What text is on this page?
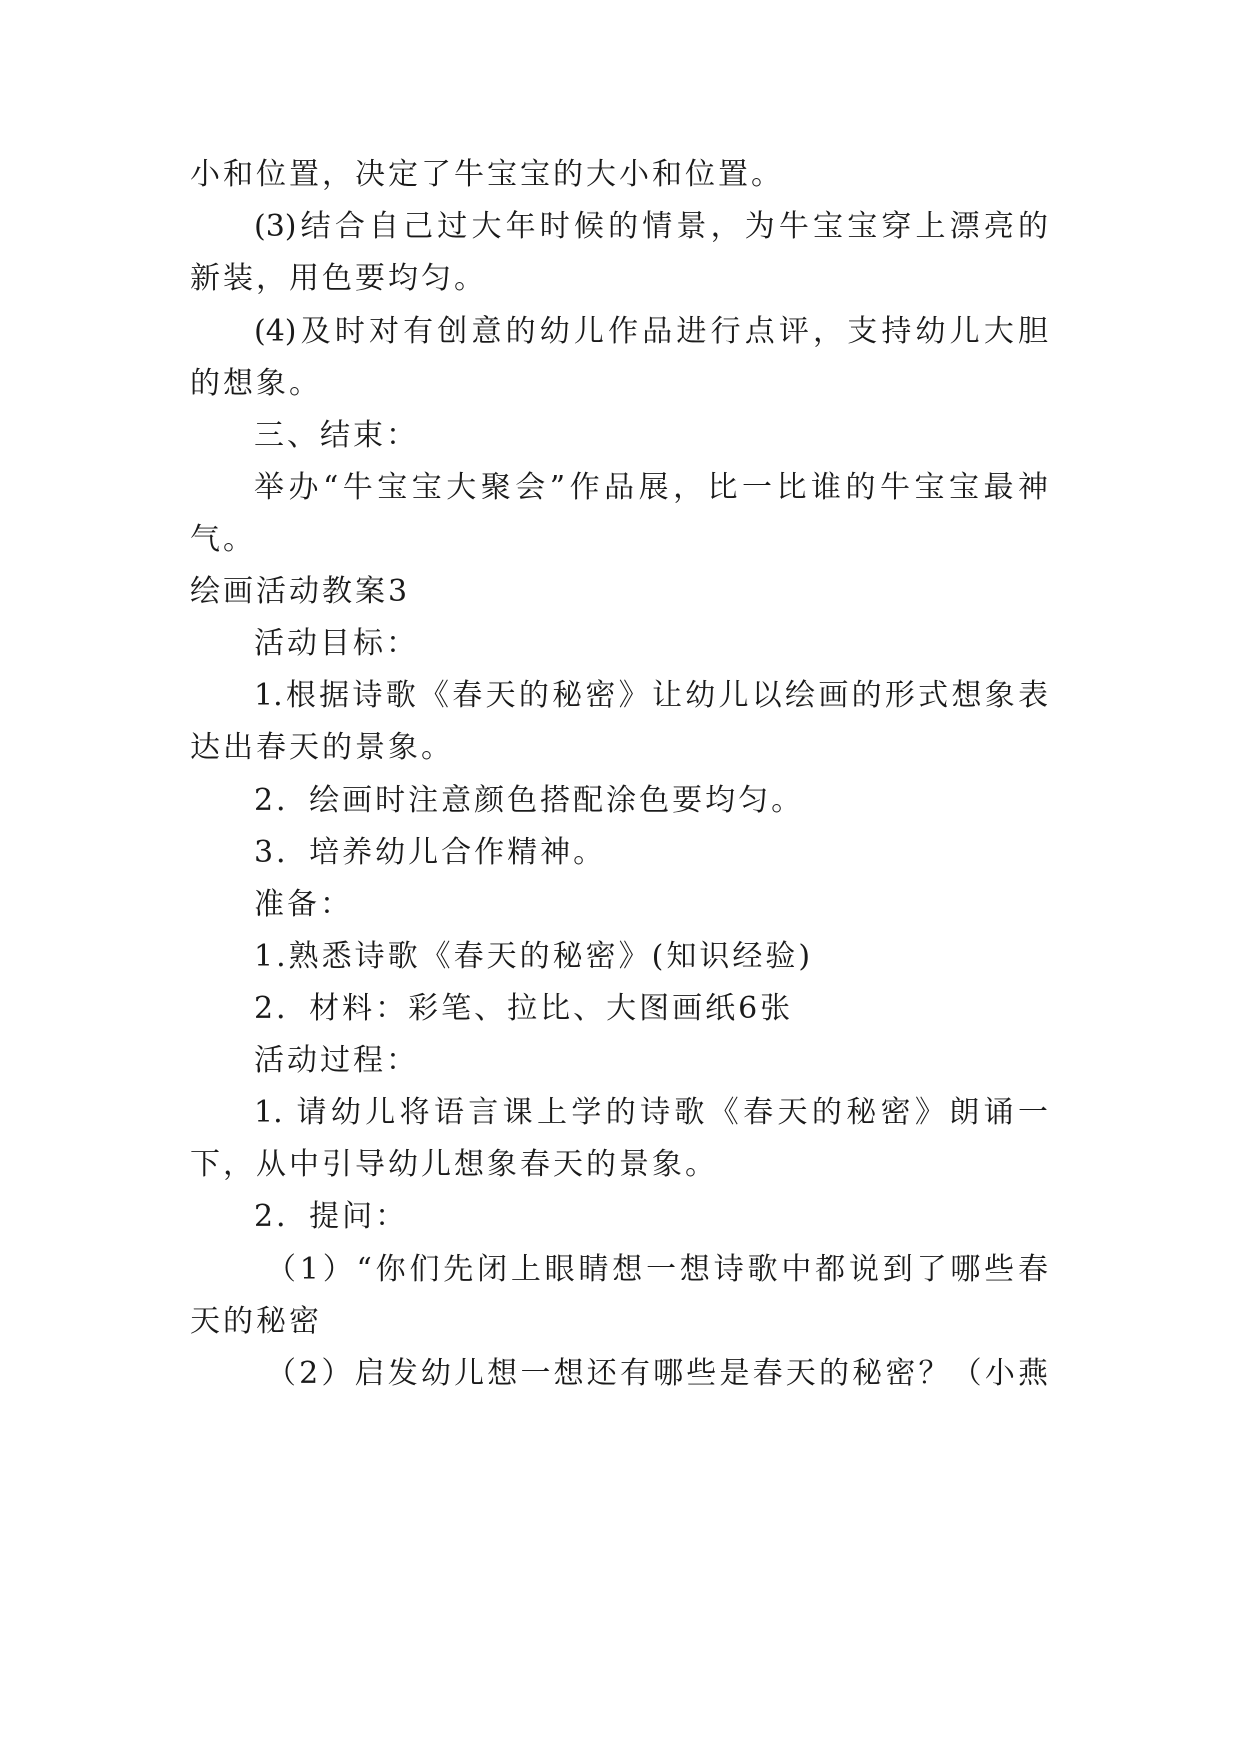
小和位置，决定了牛宝宝的大小和位置。
(3)结合自己过大年时候的情景，为牛宝宝穿上漂亮的
新装，用色要均匀。
(4)及时对有创意的幼儿作品进行点评，支持幼儿大胆
的想象。
三、结束：
举办“牛宝宝大聚会”作品展，比一比谁的牛宝宝最神
气。
绘画活动教案3
活动目标：
1.根据诗歌《春天的秘密》让幼儿以绘画的形式想象表
达出春天的景象。
2．绘画时注意颜色搭配涂色要均匀。
3．培养幼儿合作精神。
准备：
1.熟悉诗歌《春天的秘密》(知识经验)
2．材料：彩笔、拉比、大图画纸6张
活动过程：
1. 请幼儿将语言课上学的诗歌《春天的秘密》朗诵一
下，从中引导幼儿想象春天的景象。
2．提问：
（1）“你们先闭上眼睛想一想诗歌中都说到了哪些春
天的秘密
（2）启发幼儿想一想还有哪些是春天的秘密？（小燕
